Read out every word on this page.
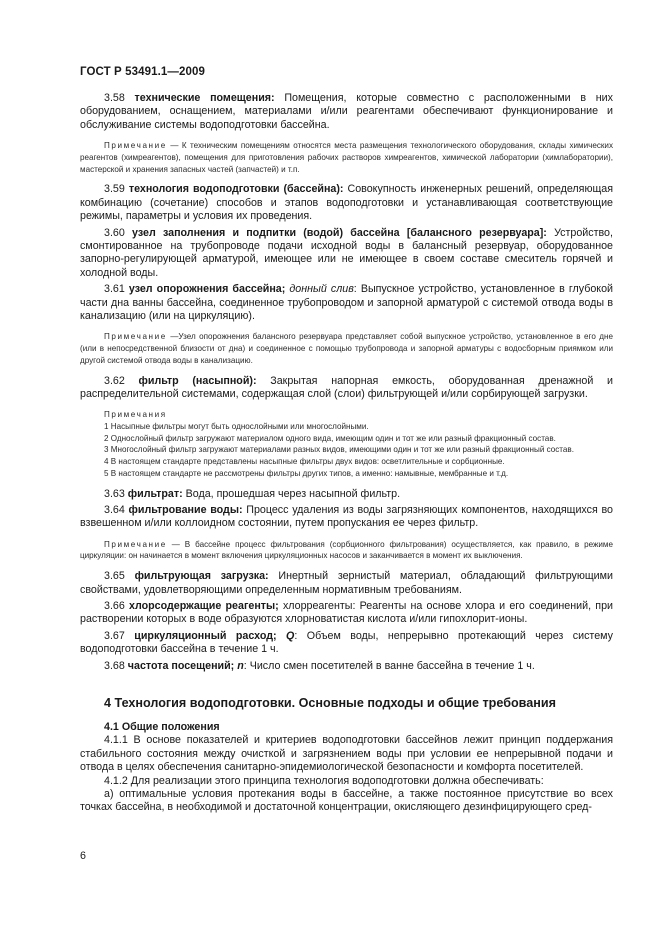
ГОСТ Р 53491.1—2009

3.58 технические помещения: Помещения, которые совместно с расположенными в них оборудованием, оснащением, материалами и/или реагентами обеспечивают функционирование и обслуживание системы водоподготовки бассейна.

Примечание — К техническим помещениям относятся места размещения технологического оборудования, склады химических реагентов (химреагентов), помещения для приготовления рабочих растворов химреагентов, химической лаборатории (химлаборатории), мастерской и хранения запасных частей (запчастей) и т.п.

3.59 технология водоподготовки (бассейна): Совокупность инженерных решений, определяющая комбинацию (сочетание) способов и этапов водоподготовки и устанавливающая соответствующие режимы, параметры и условия их проведения.

3.60 узел заполнения и подпитки (водой) бассейна [балансного резервуара]: Устройство, смонтированное на трубопроводе подачи исходной воды в балансный резервуар, оборудованное запорно-регулирующей арматурой, имеющее или не имеющее в своем составе смеситель горячей и холодной воды.

3.61 узел опорожнения бассейна; донный слив: Выпускное устройство, установленное в глубокой части дна ванны бассейна, соединенное трубопроводом и запорной арматурой с системой отвода воды в канализацию (или на циркуляцию).

Примечание —Узел опорожнения балансного резервуара представляет собой выпускное устройство, установленное в его дне (или в непосредственной близости от дна) и соединенное с помощью трубопровода и запорной арматуры с водосборным приямком или другой системой отвода воды в канализацию.

3.62 фильтр (насыпной): Закрытая напорная емкость, оборудованная дренажной и распределительной системами, содержащая слой (слои) фильтрующей и/или сорбирующей загрузки.

Примечания

1 Насыпные фильтры могут быть однослойными или многослойными.

2 Однослойный фильтр загружают материалом одного вида, имеющим один и тот же или разный фракционный состав.

3 Многослойный фильтр загружают материалами разных видов, имеющими один и тот же или разный фракционный состав.

4 В настоящем стандарте представлены насыпные фильтры двух видов: осветлительные и сорбционные.

5 В настоящем стандарте не рассмотрены фильтры других типов, а именно: намывные, мембранные и т.д.

3.63 фильтрат: Вода, прошедшая через насыпной фильтр.

3.64 фильтрование воды: Процесс удаления из воды загрязняющих компонентов, находящихся во взвешенном и/или коллоидном состоянии, путем пропускания ее через фильтр.

Примечание — В бассейне процесс фильтрования (сорбционного фильтрования) осуществляется, как правило, в режиме циркуляции: он начинается в момент включения циркуляционных насосов и заканчивается в момент их выключения.

3.65 фильтрующая загрузка: Инертный зернистый материал, обладающий фильтрующими свойствами, удовлетворяющими определенным нормативным требованиям.

3.66 хлорсодержащие реагенты; хлорреагенты: Реагенты на основе хлора и его соединений, при растворении которых в воде образуются хлорноватистая кислота и/или гипохлорит-ионы.

3.67 циркуляционный расход; Q: Объем воды, непрерывно протекающий через систему водоподготовки бассейна в течение 1 ч.

3.68 частота посещений; n: Число смен посетителей в ванне бассейна в течение 1 ч.

4 Технология водоподготовки. Основные подходы и общие требования

4.1 Общие положения

4.1.1 В основе показателей и критериев водоподготовки бассейнов лежит принцип поддержания стабильного состояния между очисткой и загрязнением воды при условии ее непрерывной подачи и отвода в целях обеспечения санитарно-эпидемиологической безопасности и комфорта посетителей.

4.1.2 Для реализации этого принципа технология водоподготовки должна обеспечивать:

а) оптимальные условия протекания воды в бассейне, а также постоянное присутствие во всех точках бассейна, в необходимой и достаточной концентрации, окисляющего дезинфицирующего сред-

6
